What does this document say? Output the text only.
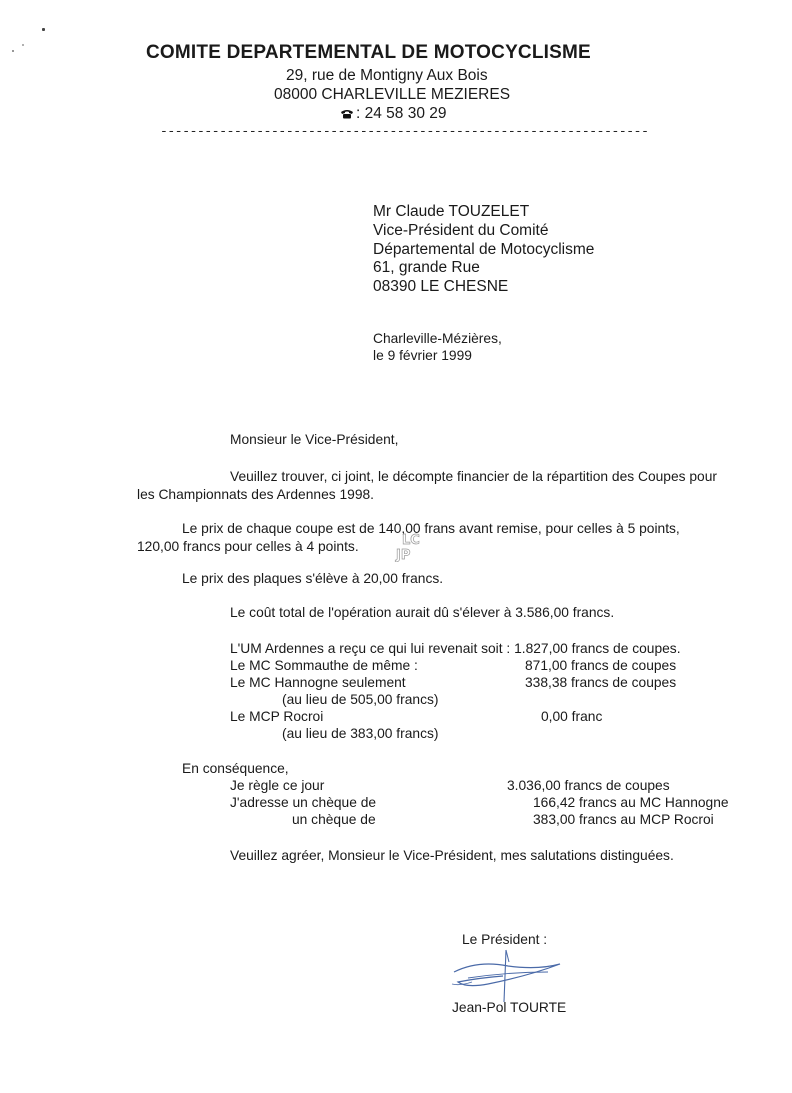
COMITE DEPARTEMENTAL DE MOTOCYCLISME
29, rue de Montigny Aux Bois
08000 CHARLEVILLE MEZIERES
: 24 58 30 29
------------------------------------------------------------------
Mr Claude TOUZELET
Vice-Président du Comité
Départemental de Motocyclisme
61, grande Rue
08390 LE CHESNE
Charleville-Mézières,
le 9 février 1999
Monsieur le Vice-Président,
Veuillez trouver, ci joint, le décompte financier de la répartition des Coupes pour
les Championnats des Ardennes 1998.
Le prix de chaque coupe est de 140,00 frans avant remise, pour celles à 5 points,
120,00 francs pour celles à 4 points.
Le prix des plaques s'élève à 20,00 francs.
Le coût total de l'opération aurait dû s'élever à 3.586,00 francs.
L'UM Ardennes a reçu ce qui lui revenait soit : 1.827,00 francs de coupes.
Le MC Sommauthe de même :	871,00 francs de coupes
Le MC Hannogne seulement	338,38 francs de coupes
(au lieu de 505,00 francs)
Le MCP Rocroi	0,00 franc
(au lieu de 383,00 francs)
En conséquence,
Je règle ce jour	3.036,00 francs de coupes
J'adresse un chèque de	166,42 francs au MC Hannogne
un chèque de	383,00 francs au MCP Rocroi
Veuillez agréer, Monsieur le Vice-Président, mes salutations distinguées.
Le Président :
Jean-Pol TOURTE
LC
JP
